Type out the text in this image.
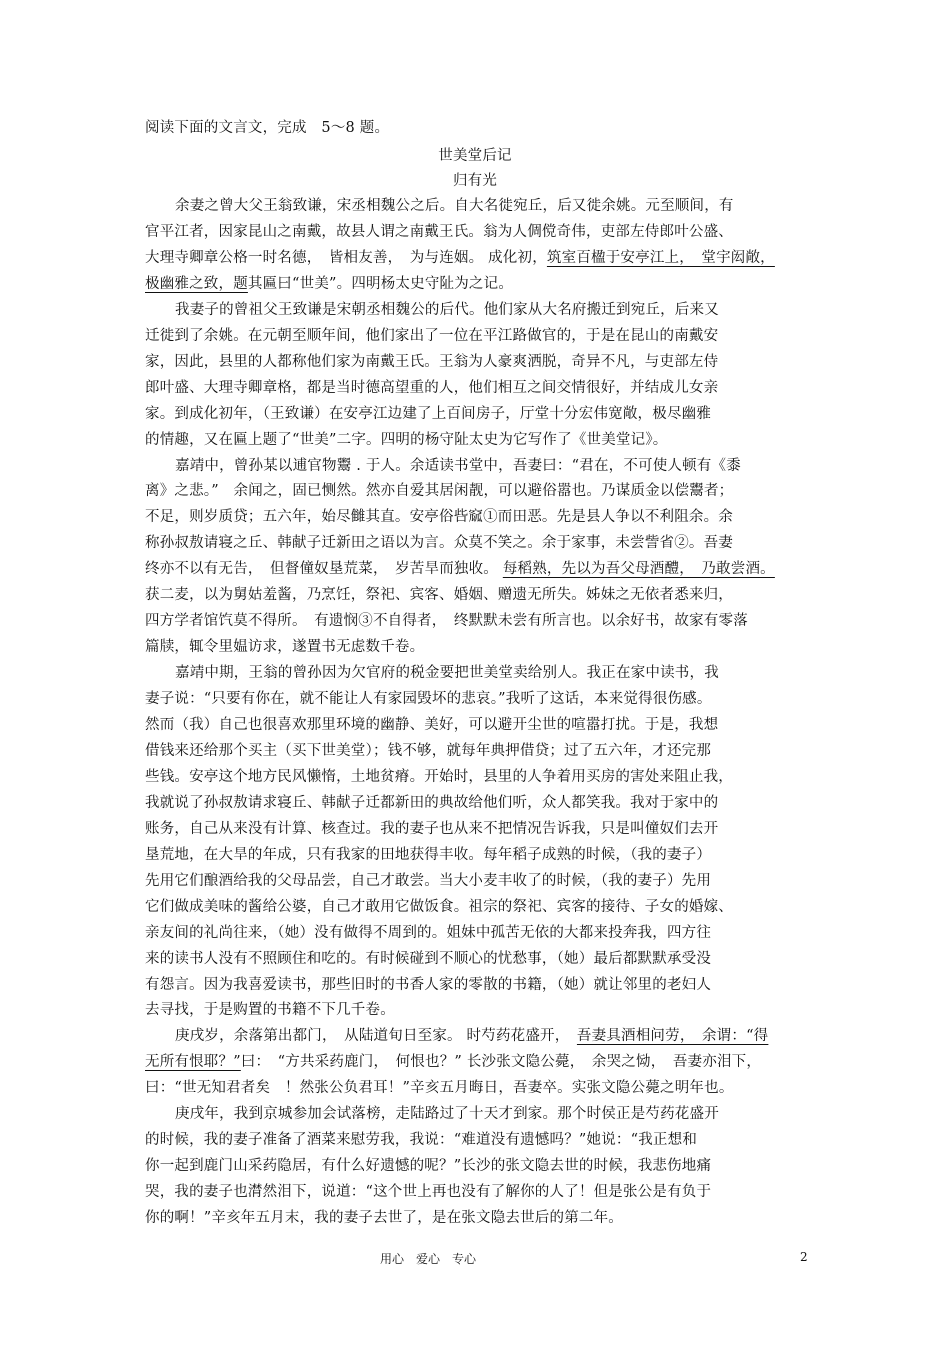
阅读下面的文言文，完成　5～8 题。
世美堂后记
归有光
余妻之曾大父王翁致谦，宋丞相魏公之后。自大名徙宛丘，后又徙余姚。元至顺间，有
官平江者，因家昆山之南戴，故县人谓之南戴王氏。翁为人倜傥奇伟，吏部左侍郎叶公盛、
大理寺卿章公格一时名德，　皆相友善，　为与连姻。 成化初，筑室百楹于安亭江上，　堂宇闳敞，
极幽雅之致，题其匾曰“世美”。四明杨太史守阯为之记。
我妻子的曾祖父王致谦是宋朝丞相魏公的后代。他们家从大名府搬迁到宛丘，后来又
迁徙到了余姚。在元朝至顺年间，他们家出了一位在平江路做官的，于是在昆山的南戴安
家，因此，县里的人都称他们家为南戴王氏。王翁为人豪爽洒脱，奇异不凡，与吏部左侍
郎叶盛、大理寺卿章格，都是当时德高望重的人，他们相互之间交情很好，并结成儿女亲
家。到成化初年，（王致谦）在安亭江边建了上百间房子，厅堂十分宏伟宽敞，极尽幽雅
的情趣，又在匾上题了“世美”二字。四明的杨守阯太史为它写作了《世美堂记》。
嘉靖中，曾孙某以逋官物鬻 . 于人。余适读书堂中，吾妻曰：“君在，不可使人顿有《黍
离》之悲。”　余闻之，固已恻然。然亦自爱其居闲靓，可以避俗嚣也。乃谋质金以偿鬻者；
不足，则岁质贷；五六年，始尽雠其直。安亭俗呰窳①而田恶。先是县人争以不利阻余。余
称孙叔敖请寝之丘、韩献子迁新田之语以为言。众莫不笑之。余于家事，未尝訾省②。吾妻
终亦不以有无告，　但督僮奴垦荒菜，　岁苦旱而独收。 每稻熟，先以为吾父母酒醴，　乃敢尝酒。
获二麦，以为舅姑羞酱，乃烹饪，祭祀、宾客、婚姻、赠遗无所失。姊妹之无依者悉来归，
四方学者馆饩莫不得所。　有遗悯③不自得者，　终默默未尝有所言也。以余好书，故家有零落
篇牍，辄令里媪访求，遂置书无虑数千卷。
嘉靖中期，王翁的曾孙因为欠官府的税金要把世美堂卖给别人。我正在家中读书，我
妻子说：“只要有你在，就不能让人有家园毁坏的悲哀。”我听了这话，本来觉得很伤感。
然而（我）自己也很喜欢那里环境的幽静、美好，可以避开尘世的喧嚣打扰。于是，我想
借钱来还给那个买主（买下世美堂）；钱不够，就每年典押借贷；过了五六年，才还完那
些钱。安亭这个地方民风懒惰，土地贫瘠。开始时，县里的人争着用买房的害处来阻止我，
我就说了孙叔敖请求寝丘、韩献子迁都新田的典故给他们听，众人都笑我。我对于家中的
账务，自己从来没有计算、核查过。我的妻子也从来不把情况告诉我，只是叫僮奴们去开
垦荒地，在大旱的年成，只有我家的田地获得丰收。每年稻子成熟的时候，（我的妻子）
先用它们酿酒给我的父母品尝，自己才敢尝。当大小麦丰收了的时候，（我的妻子）先用
它们做成美味的酱给公婆，自己才敢用它做饭食。祖宗的祭祀、宾客的接待、子女的婚嫁、
亲友间的礼尚往来，（她）没有做得不周到的。姐妹中孤苦无依的大都来投奔我，四方往
来的读书人没有不照顾住和吃的。有时候碰到不顺心的忧愁事，（她）最后都默默承受没
有怨言。因为我喜爱读书，那些旧时的书香人家的零散的书籍，（她）就让邻里的老妇人
去寻找，于是购置的书籍不下几千卷。
庚戌岁，余落第出都门，　从陆道旬日至家。 时芍药花盛开，　吾妻具酒相问劳，　余谓：“得
无所有恨耶？”曰：　“方共采药鹿门，　何恨也？” 长沙张文隐公薨，　余哭之恸，　吾妻亦泪下，
曰：“世无知君者矣　！然张公负君耳！”辛亥五月晦日，吾妻卒。实张文隐公薨之明年也。
庚戌年，我到京城参加会试落榜，走陆路过了十天才到家。那个时侯正是芍药花盛开
的时候，我的妻子准备了酒菜来慰劳我，我说：“难道没有遗憾吗？”她说：“我正想和
你一起到鹿门山采药隐居，有什么好遗憾的呢？”长沙的张文隐去世的时候，我悲伤地痛
哭，我的妻子也潸然泪下，说道：“这个世上再也没有了解你的人了！但是张公是有负于
你的啊！”辛亥年五月末，我的妻子去世了，是在张文隐去世后的第二年。
用心　爱心　专心	2
